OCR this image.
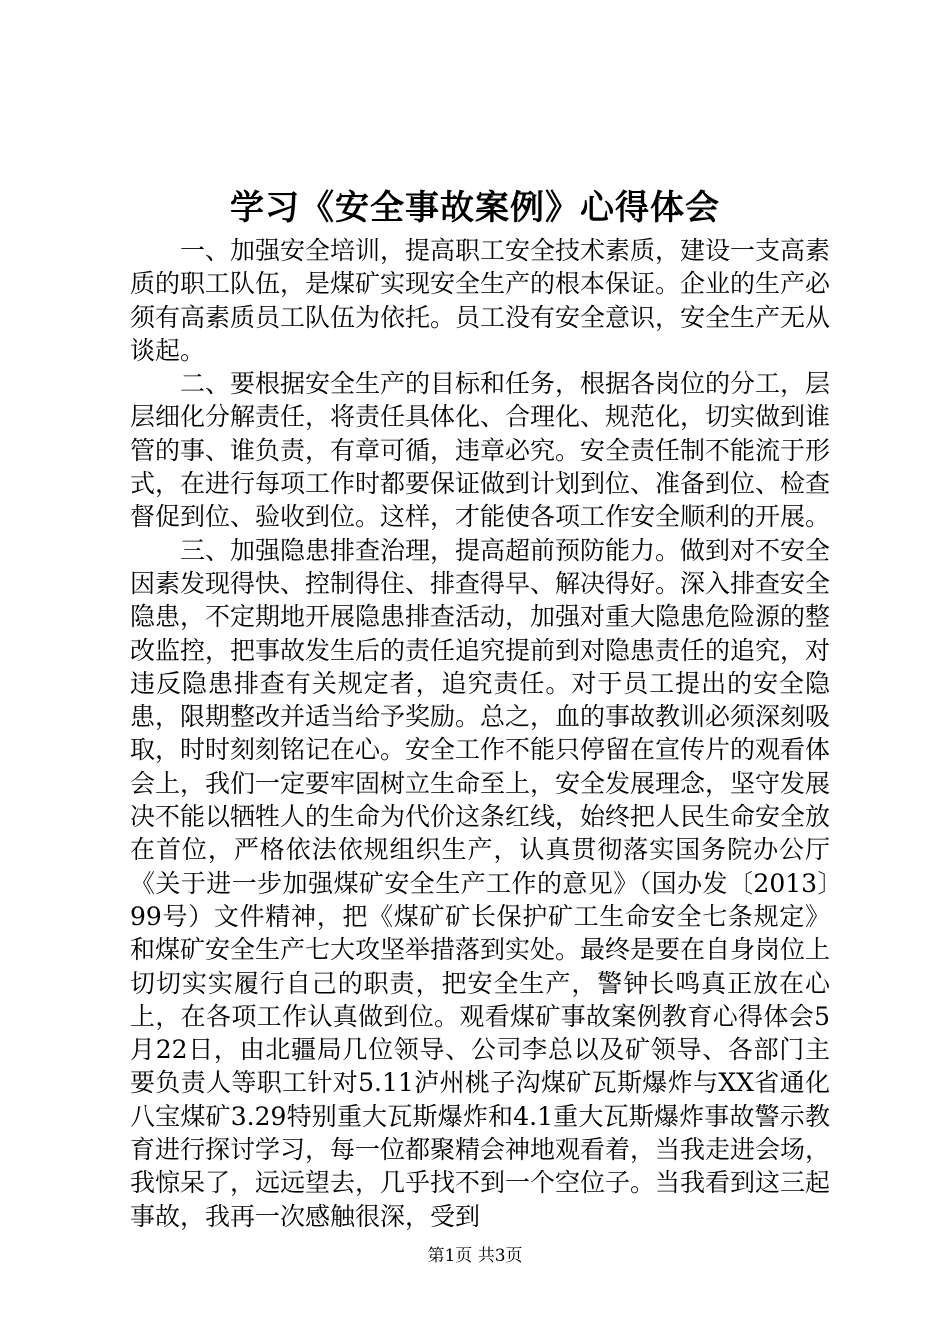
学习《安全事故案例》心得体会

一、加强安全培训，提高职工安全技术素质，建设一支高素质的职工队伍，是煤矿实现安全生产的根本保证。企业的生产必须有高素质员工队伍为依托。员工没有安全意识，安全生产无从谈起。

二、要根据安全生产的目标和任务，根据各岗位的分工，层层细化分解责任，将责任具体化、合理化、规范化，切实做到谁管的事、谁负责，有章可循，违章必究。安全责任制不能流于形式，在进行每项工作时都要保证做到计划到位、准备到位、检查督促到位、验收到位。这样，才能使各项工作安全顺利的开展。

三、加强隐患排查治理，提高超前预防能力。做到对不安全因素发现得快、控制得住、排查得早、解决得好。深入排查安全隐患，不定期地开展隐患排查活动，加强对重大隐患危险源的整改监控，把事故发生后的责任追究提前到对隐患责任的追究，对违反隐患排查有关规定者，追究责任。对于员工提出的安全隐患，限期整改并适当给予奖励。总之，血的事故教训必须深刻吸取，时时刻刻铭记在心。安全工作不能只停留在宣传片的观看体会上，我们一定要牢固树立生命至上，安全发展理念，坚守发展决不能以牺牲人的生命为代价这条红线，始终把人民生命安全放在首位，严格依法依规组织生产，认真贯彻落实国务院办公厅《关于进一步加强煤矿安全生产工作的意见》（国办发〔2013〕99号）文件精神，把《煤矿矿长保护矿工生命安全七条规定》和煤矿安全生产七大攻坚举措落到实处。最终是要在自身岗位上切切实实履行自己的职责，把安全生产，警钟长鸣真正放在心上，在各项工作认真做到位。观看煤矿事故案例教育心得体会5月22日，由北疆局几位领导、公司李总以及矿领导、各部门主要负责人等职工针对5.11泸州桃子沟煤矿瓦斯爆炸与XX省通化八宝煤矿3.29特别重大瓦斯爆炸和4.1重大瓦斯爆炸事故警示教育进行探讨学习，每一位都聚精会神地观看着，当我走进会场，我惊呆了，远远望去，几乎找不到一个空位子。当我看到这三起事故，我再一次感触很深，受到

第1页 共3页
